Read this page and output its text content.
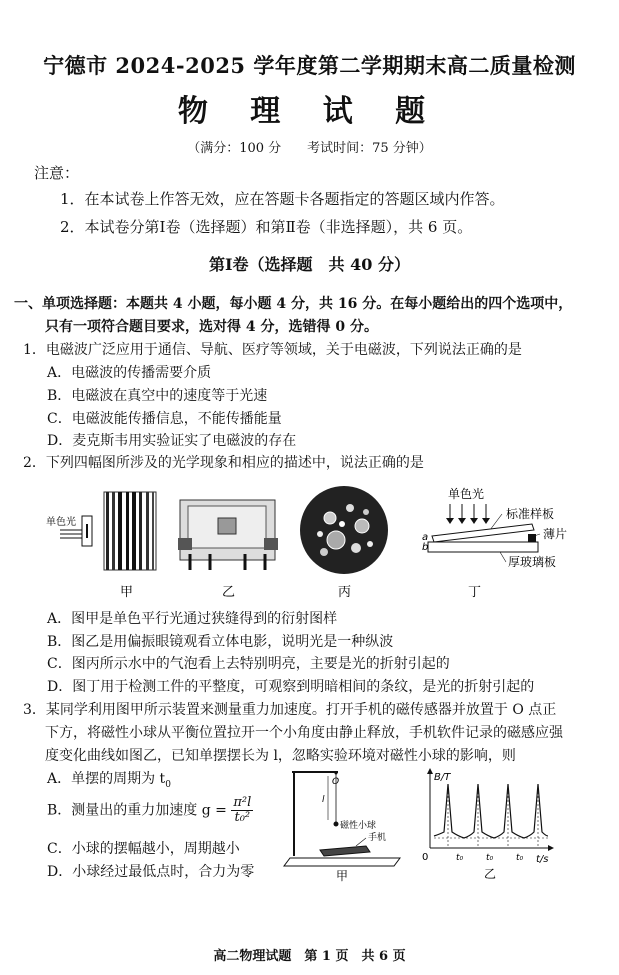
宁德市 2024-2025 学年度第二学期期末高二质量检测
物 理 试 题
（满分：100 分　　考试时间：75 分钟）
注意：
1．在本试卷上作答无效，应在答题卡各题指定的答题区域内作答。
2．本试卷分第Ⅰ卷（选择题）和第Ⅱ卷（非选择题），共 6 页。
第Ⅰ卷（选择题　共 40 分）
一、单项选择题：本题共 4 小题，每小题 4 分，共 16 分。在每小题给出的四个选项中，
只有一项符合题目要求，选对得 4 分，选错得 0 分。
1．电磁波广泛应用于通信、导航、医疗等领域，关于电磁波，下列说法正确的是
A．电磁波的传播需要介质
B．电磁波在真空中的速度等于光速
C．电磁波能传播信息，不能传播能量
D．麦克斯韦用实验证实了电磁波的存在
2．下列四幅图所涉及的光学现象和相应的描述中，说法正确的是
单色光
甲	乙	丙
单色光
标准样板
薄片
厚玻璃板
a
b
丁
A．图甲是单色平行光通过狭缝得到的衍射图样
B．图乙是用偏振眼镜观看立体电影，说明光是一种纵波
C．图丙所示水中的气泡看上去特别明亮，主要是光的折射引起的
D．图丁用于检测工件的平整度，可观察到明暗相间的条纹，是光的折射引起的
3．某同学利用图甲所示装置来测量重力加速度。打开手机的磁传感器并放置于 O 点正
下方，将磁性小球从平衡位置拉开一个小角度由静止释放，手机软件记录的磁感应强
度变化曲线如图乙，已知单摆摆长为 l，忽略实验环境对磁性小球的影响，则
A．单摆的周期为 $t_0$
B．测量出的重力加速度 $g = \frac{\text{π²l}}{\text{t₀²}}$
C．小球的摆幅越小，周期越小
D．小球经过最低点时，合力为零
O
l
磁性小球
手机
甲
B/T
t/s
0	t₀	t₀	t₀
乙
高二物理试题　第 1 页　共 6 页
